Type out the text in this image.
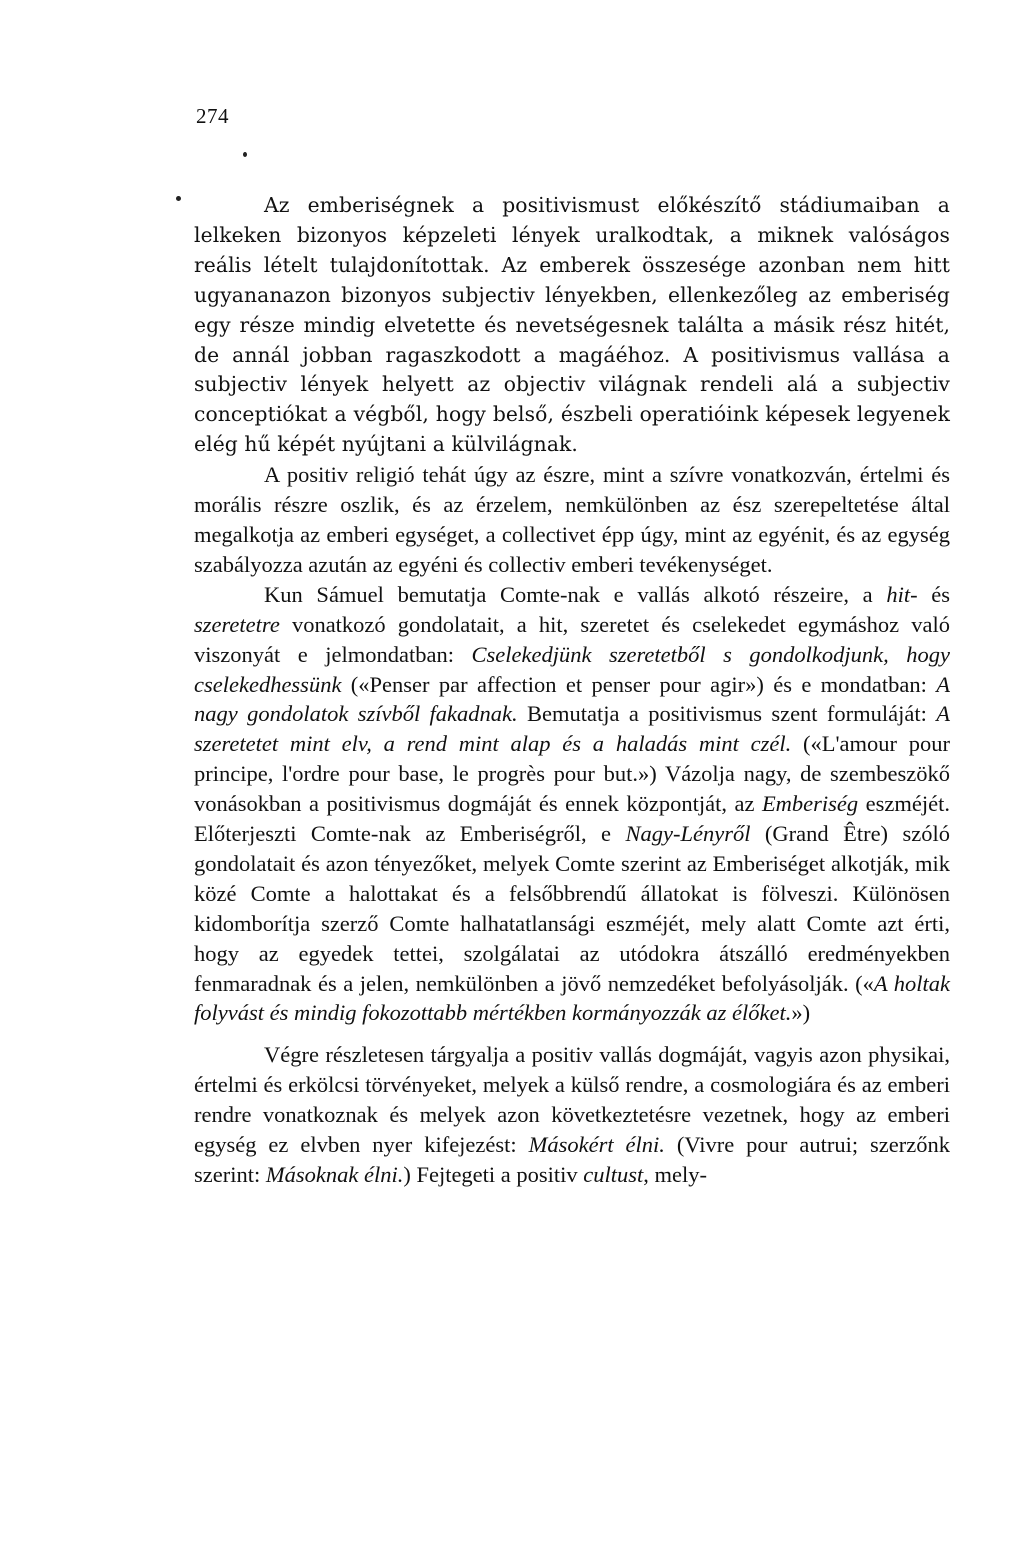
274

Az emberiségnek a positivismust előkészítő stádiumaiban a lelkeken bizonyos képzeleti lények uralkodtak, a miknek valóságos reális lételt tulajdonítottak. Az emberek összesége azonban nem hitt ugyananazon bizonyos subjectiv lényekben, ellenkezőleg az emberiség egy része mindig elvetette és nevetségesnek találta a másik rész hitét, de annál jobban ragaszkodott a magáéhoz. A positivismus vallása a subjectiv lények helyett az objectiv világnak rendeli alá a subjectiv conceptiókat a végből, hogy belső, észbeli operatióink képesek legyenek elég hű képét nyújtani a külvilágnak.

A positiv religió tehát úgy az észre, mint a szívre vonatkozván, értelmi és morális részre oszlik, és az érzelem, nemkülönben az ész szerepeltetése által megalkotja az emberi egységet, a collectivet épp úgy, mint az egyénit, és az egység szabályozza azután az egyéni és collectiv emberi tevékenységet.

Kun Sámuel bemutatja Comte-nak e vallás alkotó részeire, a hit- és szeretetre vonatkozó gondolatait, a hit, szeretet és cselekedet egymáshoz való viszonyát e jelmondatban: Cselekedjünk szeretetből s gondolkodjunk, hogy cselekedhessünk («Penser par affection et penser pour agir») és e mondatban: A nagy gondolatok szívből fakadnak. Bemutatja a positivismus szent formuláját: A szeretetet mint elv, a rend mint alap és a haladás mint czél. («L'amour pour principe, l'ordre pour base, le progrès pour but.») Vázolja nagy, de szembeszökő vonásokban a positivismus dogmáját és ennek központját, az Emberiség eszméjét. Előterjeszti Comte-nak az Emberiségről, e Nagy-Lényről (Grand Être) szóló gondolatait és azon tényezőket, melyek Comte szerint az Emberiséget alkotják, mik közé Comte a halottakat és a felsőbbrendű állatokat is fölveszi. Különösen kidomborítja szerző Comte halhatatlansági eszméjét, mely alatt Comte azt érti, hogy az egyedek tettei, szolgálatai az utódokra átszálló eredményekben fenmaradnak és a jelen, nemkülönben a jövő nemzedéket befolyásolják. («A holtak folyvást és mindig fokozottabb mértékben kormányozzák az élőket.»)

Végre részletesen tárgyalja a positiv vallás dogmáját, vagyis azon physikai, értelmi és erkölcsi törvényeket, melyek a külső rendre, a cosmologiára és az emberi rendre vonatkoznak és melyek azon következtetésre vezetnek, hogy az emberi egység ez elvben nyer kifejezést: Másokért élni. (Vivre pour autrui; szerzőnk szerint: Másoknak élni.) Fejtegeti a positiv cultust, mely-
